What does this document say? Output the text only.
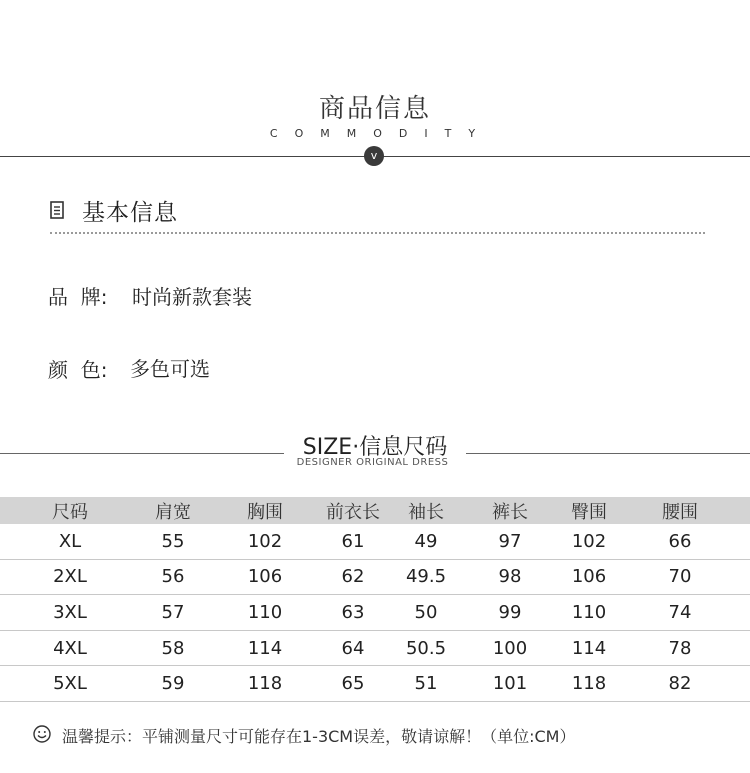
商品信息
COMMODITY
v
基本信息
品  牌: 时尚新款套装
颜  色: 多色可选
SIZE·信息尺码
DESIGNER ORIGINAL DRESS
尺码	肩宽	胸围	前衣长	袖长	裤长	臀围	腰围
XL	55	102	61	49	97	102	66
2XL	56	106	62	49.5	98	106	70
3XL	57	110	63	50	99	110	74
4XL	58	114	64	50.5	100	114	78
5XL	59	118	65	51	101	118	82
温馨提示：平铺测量尺寸可能存在1-3CM误差，敬请谅解！（单位:CM）
